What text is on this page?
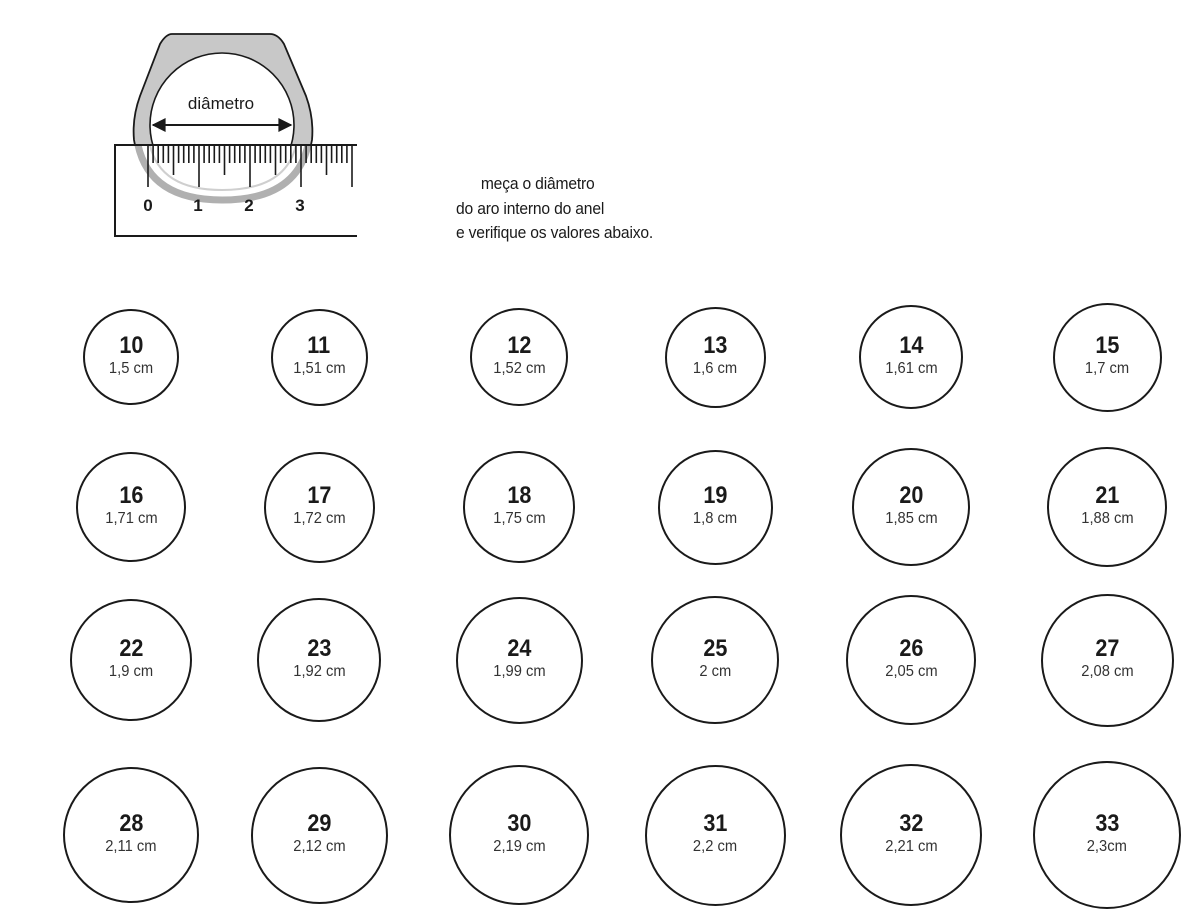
diâmetro
0 1 2 3
meça o diâmetro
do aro interno do anel
e verifique os valores abaixo.
10
1,5 cm
11
1,51 cm
12
1,52 cm
13
1,6 cm
14
1,61 cm
15
1,7 cm
16
1,71 cm
17
1,72 cm
18
1,75 cm
19
1,8 cm
20
1,85 cm
21
1,88 cm
22
1,9 cm
23
1,92 cm
24
1,99 cm
25
2 cm
26
2,05 cm
27
2,08 cm
28
2,11 cm
29
2,12 cm
30
2,19 cm
31
2,2 cm
32
2,21 cm
33
2,3cm
